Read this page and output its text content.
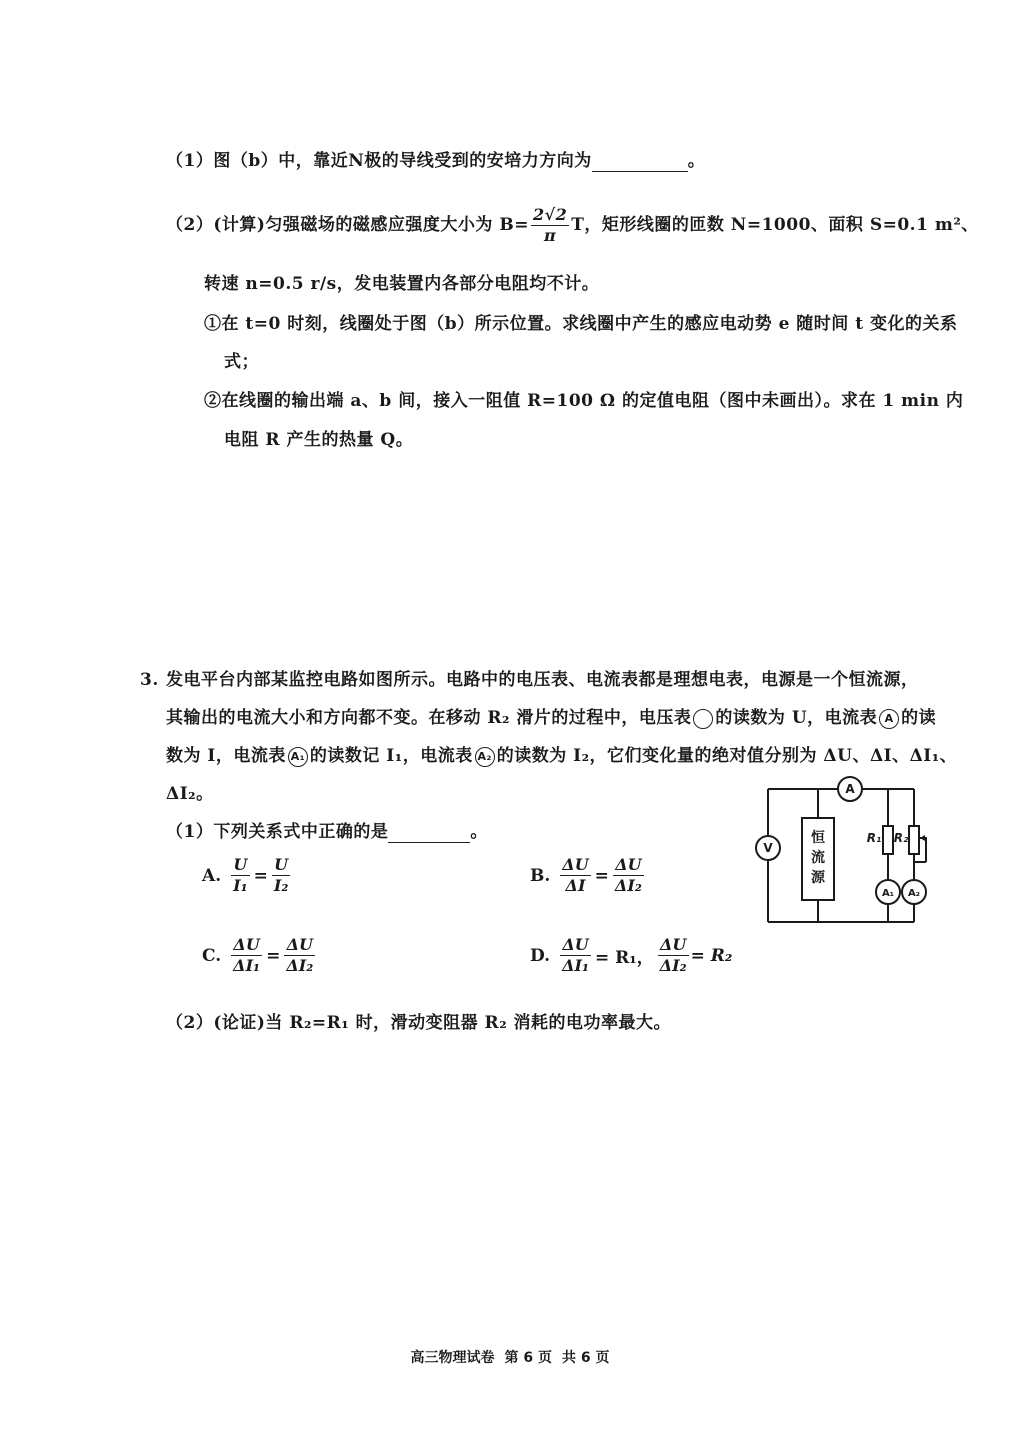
（1）图（b）中，靠近N极的导线受到的安培力方向为	。
（2）(计算)匀强磁场的磁感应强度大小为 $B= \frac{2√2}{\pi}$ T，矩形线圈的匝数 N=1000、面积 S=0.1 m²、
转速 n=0.5 r/s，发电装置内各部分电阻均不计。
①在 t=0 时刻，线圈处于图（b）所示位置。求线圈中产生的感应电动势 e 随时间 t 变化的关系
式；
②在线圈的输出端 a、b 间，接入一阻值 R=100 Ω 的定值电阻（图中未画出）。求在 1 min 内
电阻 R 产生的热量 Q。
3. 发电平台内部某监控电路如图所示。电路中的电压表、电流表都是理想电表，电源是一个恒流源，
其输出的电流大小和方向都不变。在移动 R₂ 滑片的过程中，电压表 的读数为 U，电流表 A 的读
数为 I，电流表 A₁ 的读数记 I₁，电流表 A₂ 的读数为 I₂，它们变化量的绝对值分别为 ΔU、ΔI、ΔI₁、
ΔI₂。
（1）下列关系式中正确的是	。
A. $\frac{U}{\text{I₁}} = \frac{U}{\text{I₂}}$	B. $\frac{\Delta U}{\Delta I} = \frac{\Delta U}{\text{ΔI₂}}$
C. $\frac{\Delta U}{\text{ΔI₁}} = \frac{\Delta U}{\text{ΔI₂}}$	D. $\frac{\Delta U}{\text{ΔI₁}} = R_1$， $\frac{\Delta U}{\text{ΔI₂}} = R_2$
（2）(论证)当 R₂=R₁ 时，滑动变阻器 R₂ 消耗的电功率最大。
A
V
A₁ A₂
R₁ R₂
恒
流
源
高三物理试卷 第 6 页 共 6 页
